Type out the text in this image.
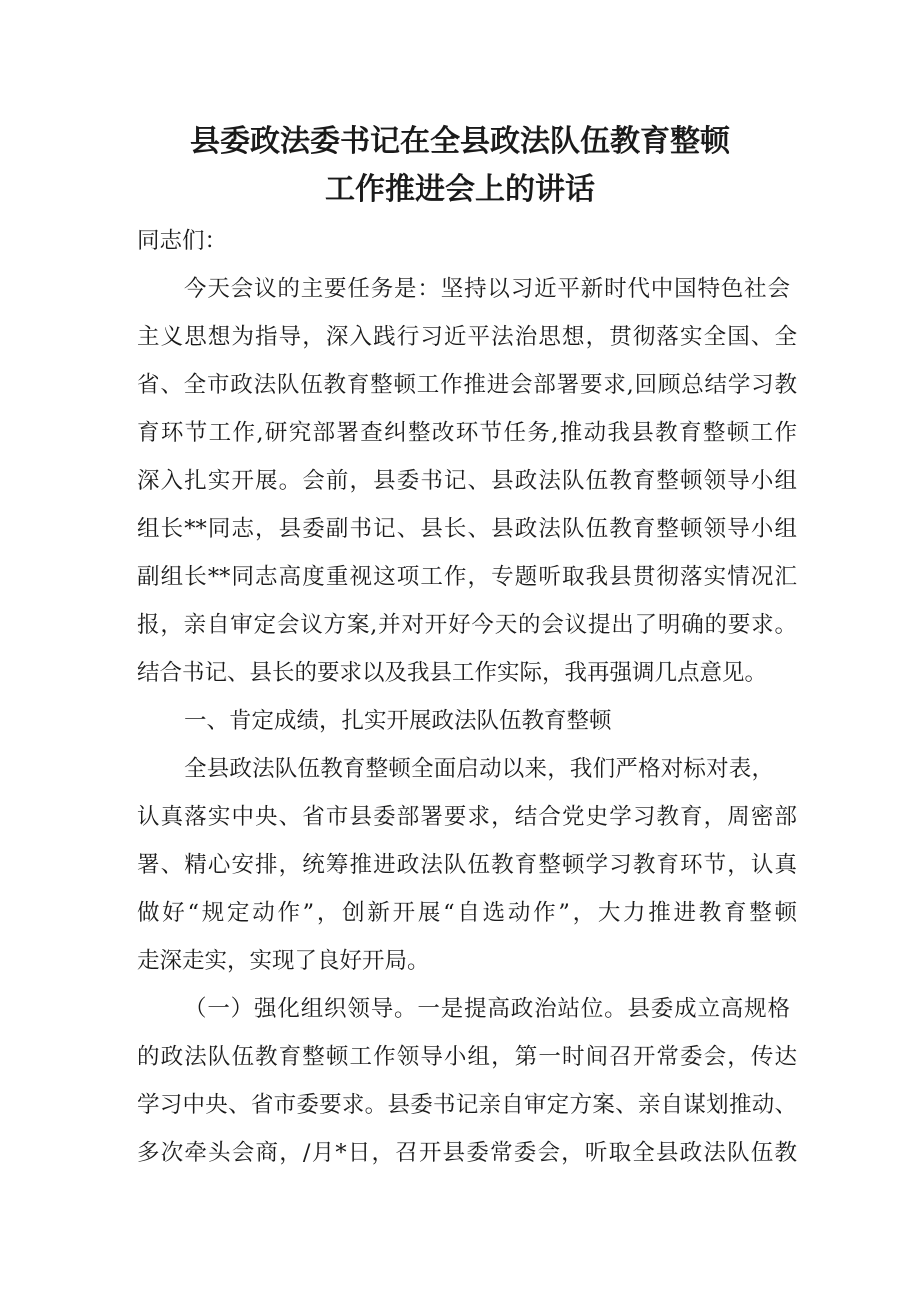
县委政法委书记在全县政法队伍教育整顿
工作推进会上的讲话
同志们：
今天会议的主要任务是：坚持以习近平新时代中国特色社会
主义思想为指导，深入践行习近平法治思想，贯彻落实全国、全
省、全市政法队伍教育整顿工作推进会部署要求,回顾总结学习教
育环节工作,研究部署查纠整改环节任务,推动我县教育整顿工作
深入扎实开展。会前，县委书记、县政法队伍教育整顿领导小组
组长**同志，县委副书记、县长、县政法队伍教育整顿领导小组
副组长**同志高度重视这项工作，专题听取我县贯彻落实情况汇
报，亲自审定会议方案,并对开好今天的会议提出了明确的要求。
结合书记、县长的要求以及我县工作实际，我再强调几点意见。
一、肯定成绩，扎实开展政法队伍教育整顿
全县政法队伍教育整顿全面启动以来，我们严格对标对表，
认真落实中央、省市县委部署要求，结合党史学习教育，周密部
署、精心安排，统筹推进政法队伍教育整顿学习教育环节，认真
做好“规定动作”，创新开展“自选动作”，大力推进教育整顿
走深走实，实现了良好开局。
（一）强化组织领导。一是提高政治站位。县委成立高规格
的政法队伍教育整顿工作领导小组，第一时间召开常委会，传达
学习中央、省市委要求。县委书记亲自审定方案、亲自谋划推动、
多次牵头会商，/月*日，召开县委常委会，听取全县政法队伍教
